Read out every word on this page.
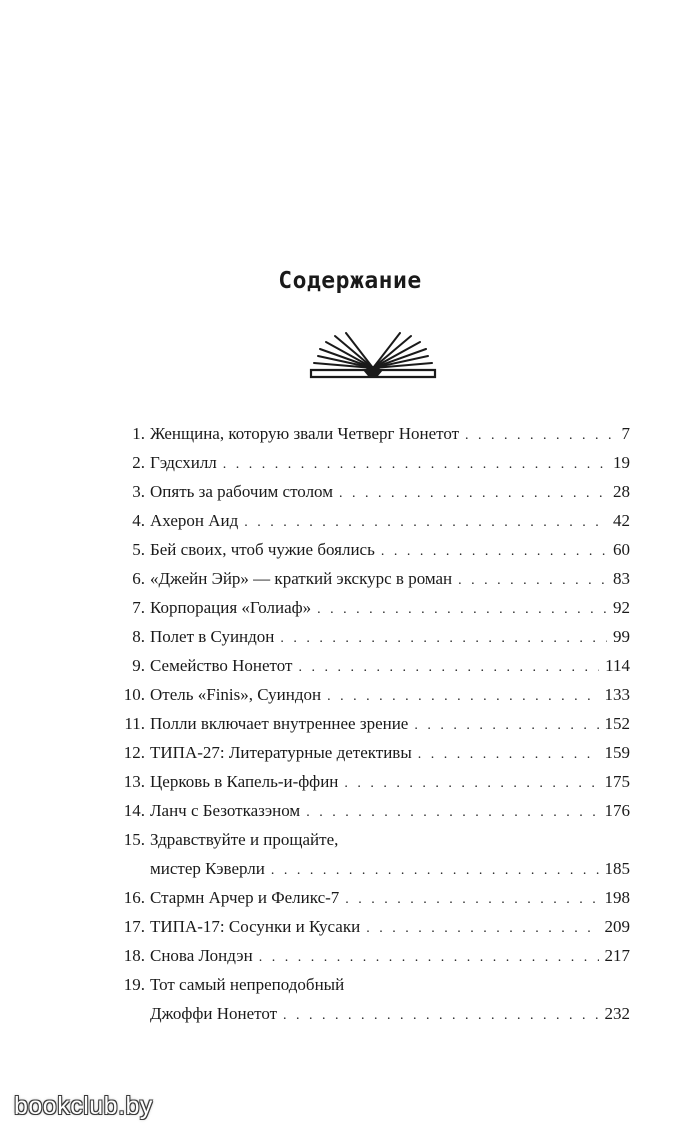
Содержание
1. Женщина, которую звали Четверг Нонетот . . .	7
2. Гэдсхилл . . .	19
3. Опять за рабочим столом . . .	28
4. Ахерон Аид . . .	42
5. Бей своих, чтоб чужие боялись . . .	60
6. «Джейн Эйр» — краткий экскурс в роман . . .	83
7. Корпорация «Голиаф» . . .	92
8. Полет в Суиндон . . .	99
9. Семейство Нонетот . . .	114
10. Отель «Finis», Суиндон . . .	133
11. Полли включает внутреннее зрение . . .	152
12. ТИПА-27: Литературные детективы . . .	159
13. Церковь в Капель-и-ффин . . .	175
14. Ланч с Безотказэном . . .	176
15. Здравствуйте и прощайте,
мистер Кэверли . . .	185
16. Стармн Арчер и Феликс-7 . . .	198
17. ТИПА-17: Сосунки и Кусаки . . .	209
18. Снова Лондэн . . .	217
19. Тот самый непреподобный
Джоффи Нонетот . . .	232
bookclub.by
